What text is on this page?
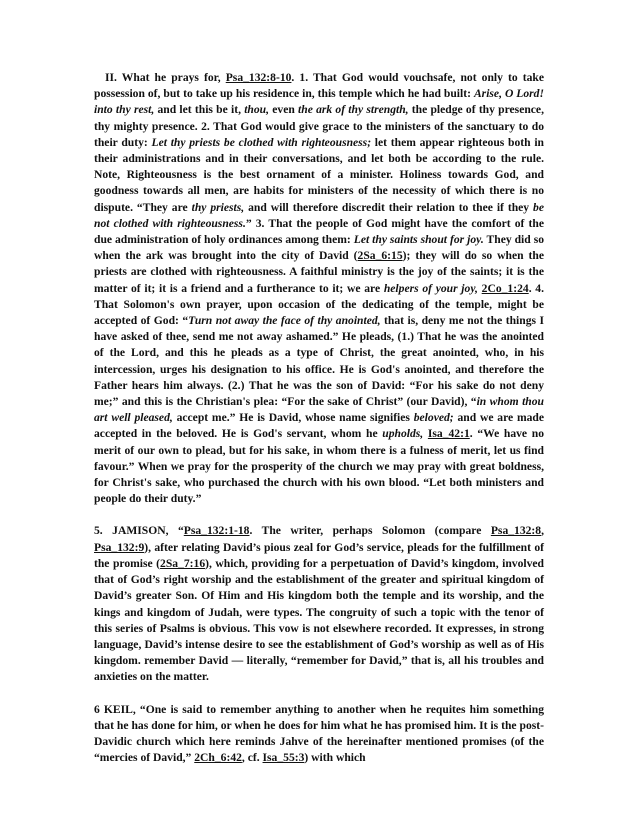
II. What he prays for, Psa_132:8-10. 1. That God would vouchsafe, not only to take possession of, but to take up his residence in, this temple which he had built: Arise, O Lord! into thy rest, and let this be it, thou, even the ark of thy strength, the pledge of thy presence, thy mighty presence. 2. That God would give grace to the ministers of the sanctuary to do their duty: Let thy priests be clothed with righteousness; let them appear righteous both in their administrations and in their conversations, and let both be according to the rule. Note, Righteousness is the best ornament of a minister. Holiness towards God, and goodness towards all men, are habits for ministers of the necessity of which there is no dispute. “They are thy priests, and will therefore discredit their relation to thee if they be not clothed with righteousness.” 3. That the people of God might have the comfort of the due administration of holy ordinances among them: Let thy saints shout for joy. They did so when the ark was brought into the city of David (2Sa_6:15); they will do so when the priests are clothed with righteousness. A faithful ministry is the joy of the saints; it is the matter of it; it is a friend and a furtherance to it; we are helpers of your joy, 2Co_1:24. 4. That Solomon's own prayer, upon occasion of the dedicating of the temple, might be accepted of God: “Turn not away the face of thy anointed, that is, deny me not the things I have asked of thee, send me not away ashamed.” He pleads, (1.) That he was the anointed of the Lord, and this he pleads as a type of Christ, the great anointed, who, in his intercession, urges his designation to his office. He is God's anointed, and therefore the Father hears him always. (2.) That he was the son of David: “For his sake do not deny me;” and this is the Christian's plea: “For the sake of Christ” (our David), “in whom thou art well pleased, accept me.” He is David, whose name signifies beloved; and we are made accepted in the beloved. He is God's servant, whom he upholds, Isa_42:1. “We have no merit of our own to plead, but for his sake, in whom there is a fulness of merit, let us find favour.” When we pray for the prosperity of the church we may pray with great boldness, for Christ's sake, who purchased the church with his own blood. “Let both ministers and people do their duty.”

5. JAMISON, “Psa_132:1-18. The writer, perhaps Solomon (compare Psa_132:8, Psa_132:9), after relating David’s pious zeal for God’s service, pleads for the fulfillment of the promise (2Sa_7:16), which, providing for a perpetuation of David’s kingdom, involved that of God’s right worship and the establishment of the greater and spiritual kingdom of David’s greater Son. Of Him and His kingdom both the temple and its worship, and the kings and kingdom of Judah, were types. The congruity of such a topic with the tenor of this series of Psalms is obvious. This vow is not elsewhere recorded. It expresses, in strong language, David’s intense desire to see the establishment of God’s worship as well as of His kingdom. remember David — literally, “remember for David,” that is, all his troubles and anxieties on the matter.

6 KEIL, “One is said to remember anything to another when he requites him something that he has done for him, or when he does for him what he has promised him. It is the post-Davidic church which here reminds Jahve of the hereinafter mentioned promises (of the “mercies of David,” 2Ch_6:42, cf. Isa_55:3) with which
